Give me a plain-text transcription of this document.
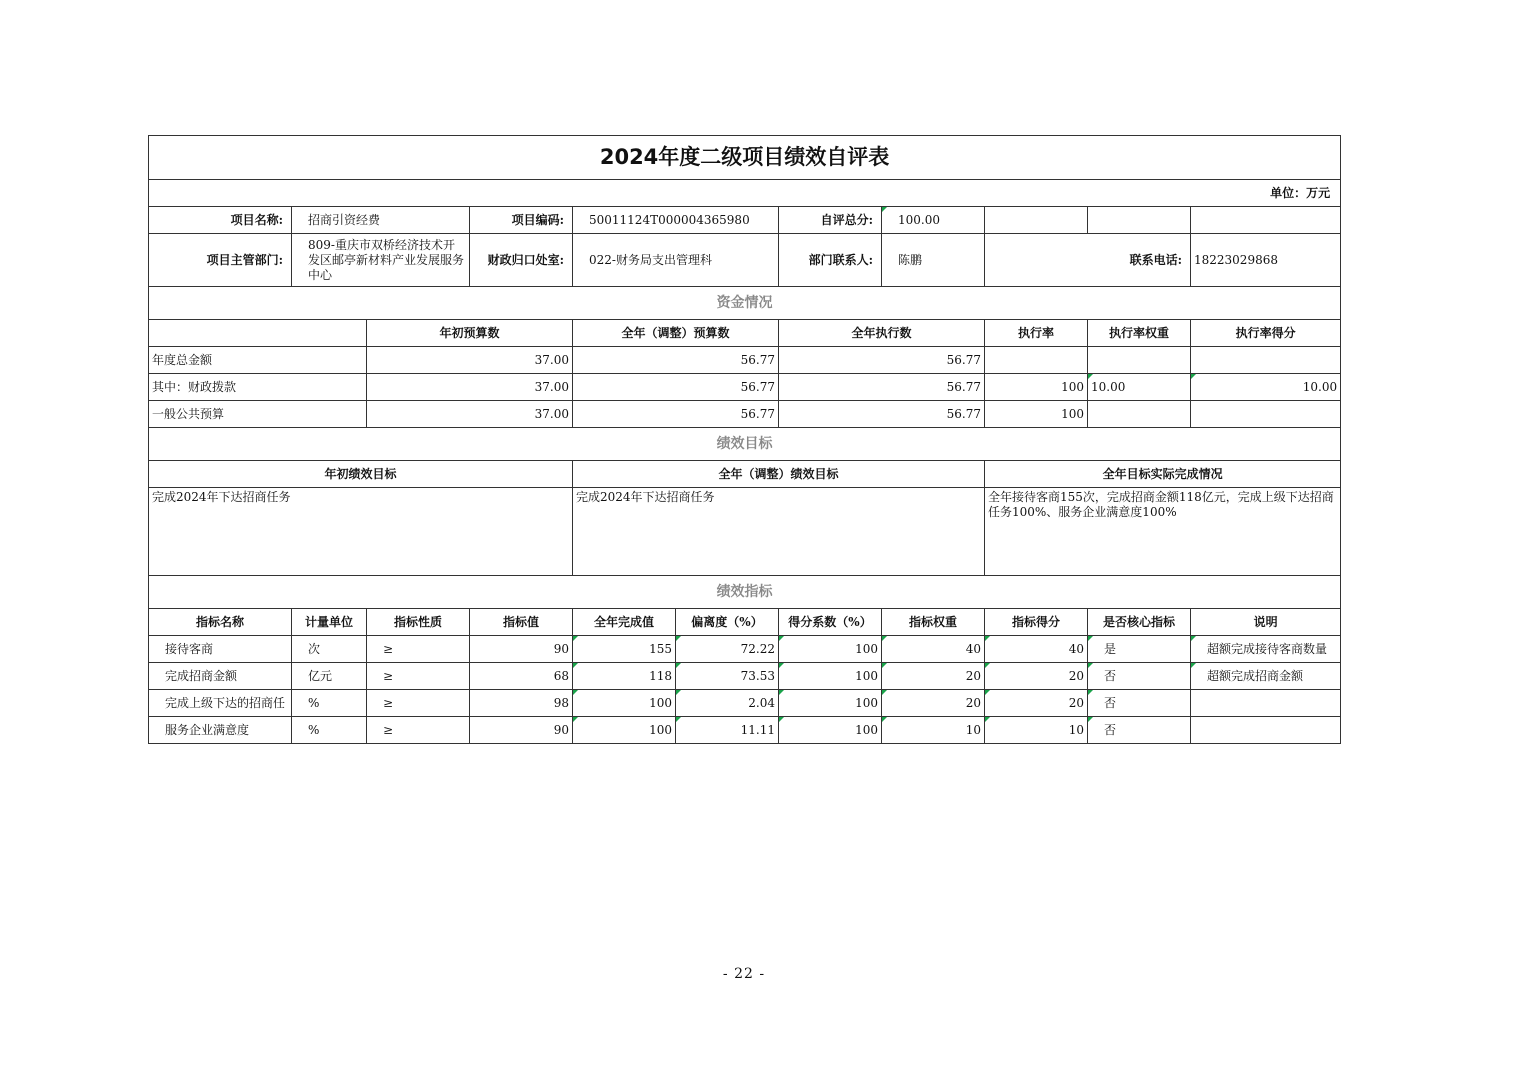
2024年度二级项目绩效自评表										
单位：万元										
项目名称:	招商引资经费		项目编码:	50011124T000004365980		自评总分:	100.00			
项目主管部门:	809-重庆市双桥经济技术开发区邮亭新材料产业发展服务中心		财政归口处室:	022-财务局支出管理科		部门联系人:	陈鹏	联系电话:		18223029868
资金情况										
		年初预算数		全年（调整）预算数		全年执行数		执行率	执行率权重	执行率得分
年度总金额		37.00		56.77		56.77				
其中：财政拨款		37.00		56.77		56.77		100	10.00	10.00
一般公共预算		37.00		56.77		56.77		100		
绩效目标										
年初绩效目标				全年（调整）绩效目标				全年目标实际完成情况		
完成2024年下达招商任务				完成2024年下达招商任务				全年接待客商155次，完成招商金额118亿元，完成上级下达招商任务100%、服务企业满意度100%		
绩效指标										
指标名称	计量单位	指标性质	指标值	全年完成值	偏离度（%）	得分系数（%）	指标权重	指标得分	是否核心指标	说明
接待客商	次	≥	90	155	72.22	100	40	40	是	超额完成接待客商数量
完成招商金额	亿元	≥	68	118	73.53	100	20	20	否	超额完成招商金额
完成上级下达的招商任	%	≥	98	100	2.04	100	20	20	否	
服务企业满意度	%	≥	90	100	11.11	100	10	10	否	
- 22 -
